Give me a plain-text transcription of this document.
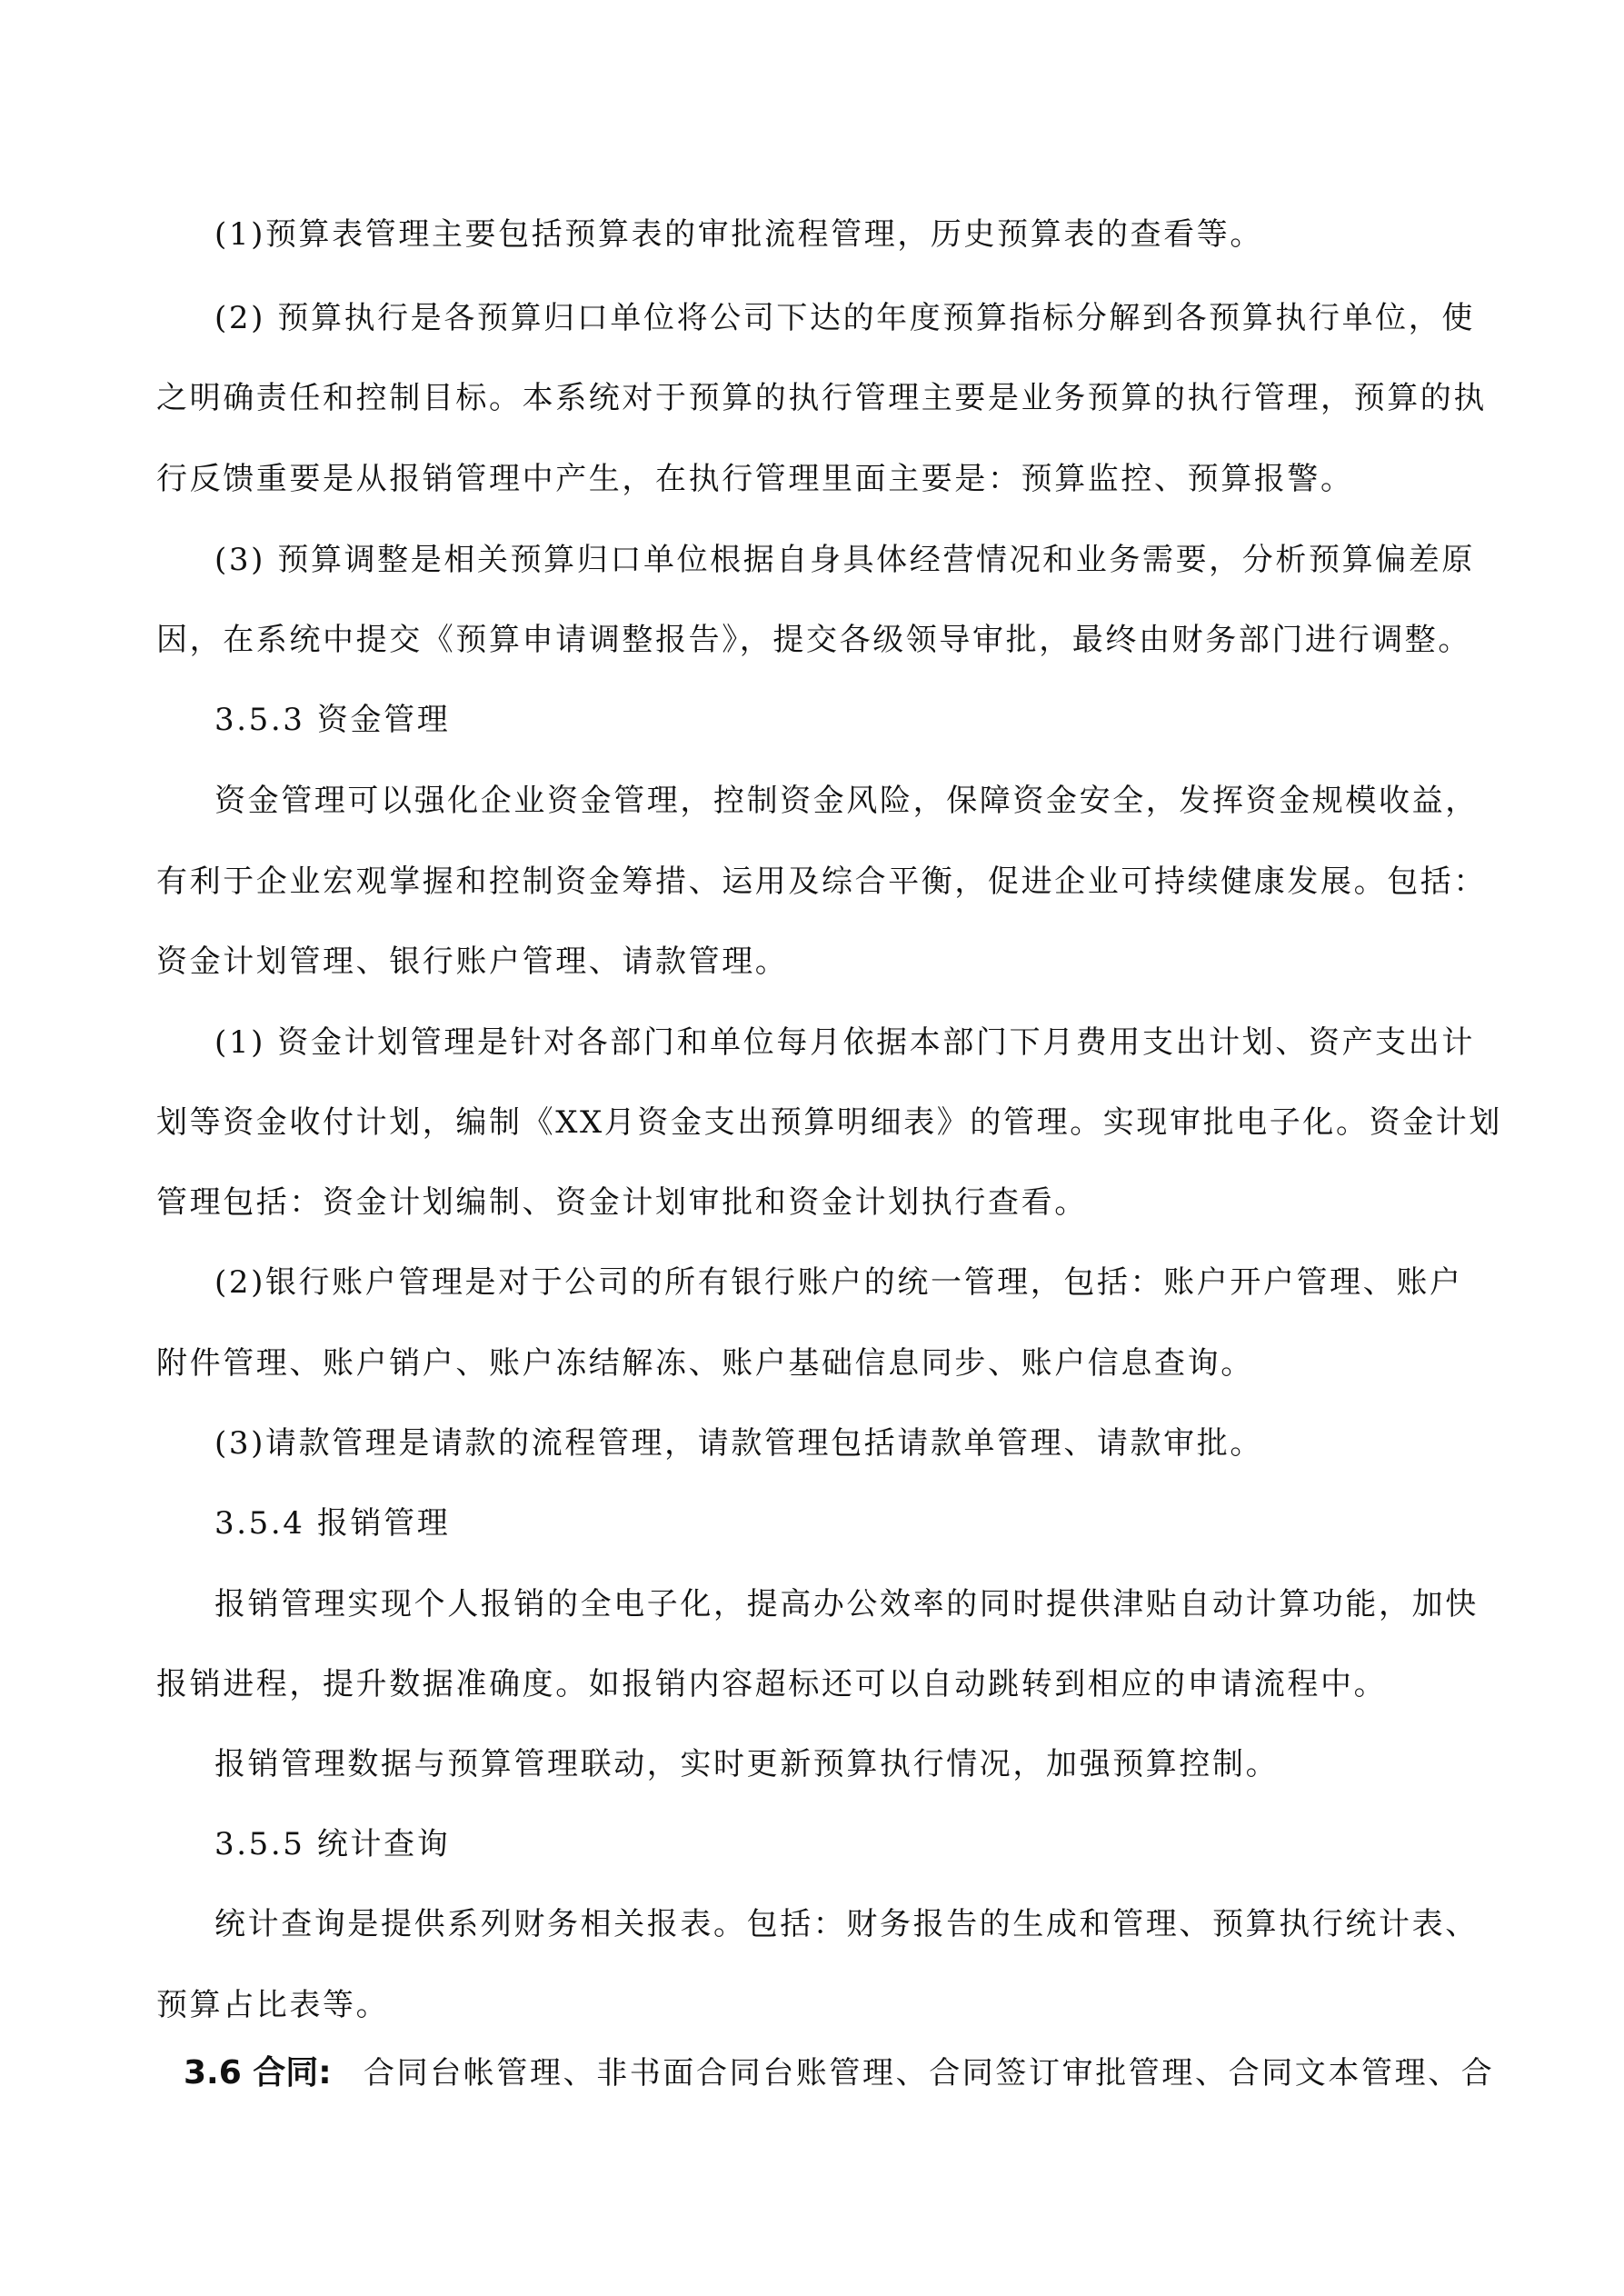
(1)预算表管理主要包括预算表的审批流程管理，历史预算表的查看等。

(2) 预算执行是各预算归口单位将公司下达的年度预算指标分解到各预算执行单位，使

之明确责任和控制目标。本系统对于预算的执行管理主要是业务预算的执行管理，预算的执

行反馈重要是从报销管理中产生，在执行管理里面主要是：预算监控、预算报警。

(3) 预算调整是相关预算归口单位根据自身具体经营情况和业务需要，分析预算偏差原

因，在系统中提交《预算申请调整报告》，提交各级领导审批，最终由财务部门进行调整。

3.5.3 资金管理

资金管理可以强化企业资金管理，控制资金风险，保障资金安全，发挥资金规模收益，

有利于企业宏观掌握和控制资金筹措、运用及综合平衡，促进企业可持续健康发展。包括：

资金计划管理、银行账户管理、请款管理。

(1) 资金计划管理是针对各部门和单位每月依据本部门下月费用支出计划、资产支出计

划等资金收付计划，编制《XX月资金支出预算明细表》的管理。实现审批电子化。资金计划

管理包括：资金计划编制、资金计划审批和资金计划执行查看。

(2)银行账户管理是对于公司的所有银行账户的统一管理，包括：账户开户管理、账户

附件管理、账户销户、账户冻结解冻、账户基础信息同步、账户信息查询。

(3)请款管理是请款的流程管理，请款管理包括请款单管理、请款审批。

3.5.4 报销管理

报销管理实现个人报销的全电子化，提高办公效率的同时提供津贴自动计算功能，加快

报销进程，提升数据准确度。如报销内容超标还可以自动跳转到相应的申请流程中。

报销管理数据与预算管理联动，实时更新预算执行情况，加强预算控制。

3.5.5 统计查询

统计查询是提供系列财务相关报表。包括：财务报告的生成和管理、预算执行统计表、

预算占比表等。

3.6 合同: 合同台帐管理、非书面合同台账管理、合同签订审批管理、合同文本管理、合
